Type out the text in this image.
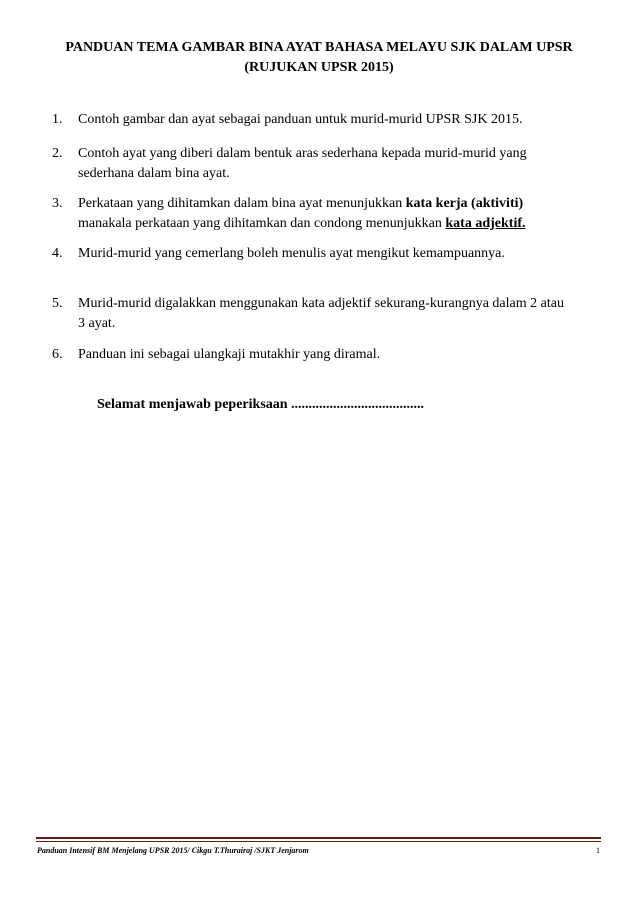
PANDUAN TEMA GAMBAR BINA AYAT BAHASA MELAYU SJK DALAM UPSR
(RUJUKAN UPSR 2015)
1.	Contoh gambar dan ayat sebagai panduan untuk murid-murid UPSR SJK 2015.
2.	Contoh ayat yang diberi dalam bentuk aras sederhana kepada murid-murid yang
sederhana dalam bina ayat.
3.	Perkataan yang dihitamkan dalam bina ayat menunjukkan kata kerja (aktiviti)
manakala perkataan yang dihitamkan dan condong menunjukkan kata adjektif.
4.	Murid-murid yang cemerlang boleh menulis ayat mengikut kemampuannya.
5.	Murid-murid digalakkan menggunakan kata adjektif sekurang-kurangnya dalam 2 atau
3 ayat.
6.	Panduan ini sebagai ulangkaji mutakhir yang diramal.
Selamat menjawab peperiksaan ......................................
Panduan Intensif BM Menjelang UPSR 2015/ Cikgu T.Thurairaj /SJKT Jenjarom	1
